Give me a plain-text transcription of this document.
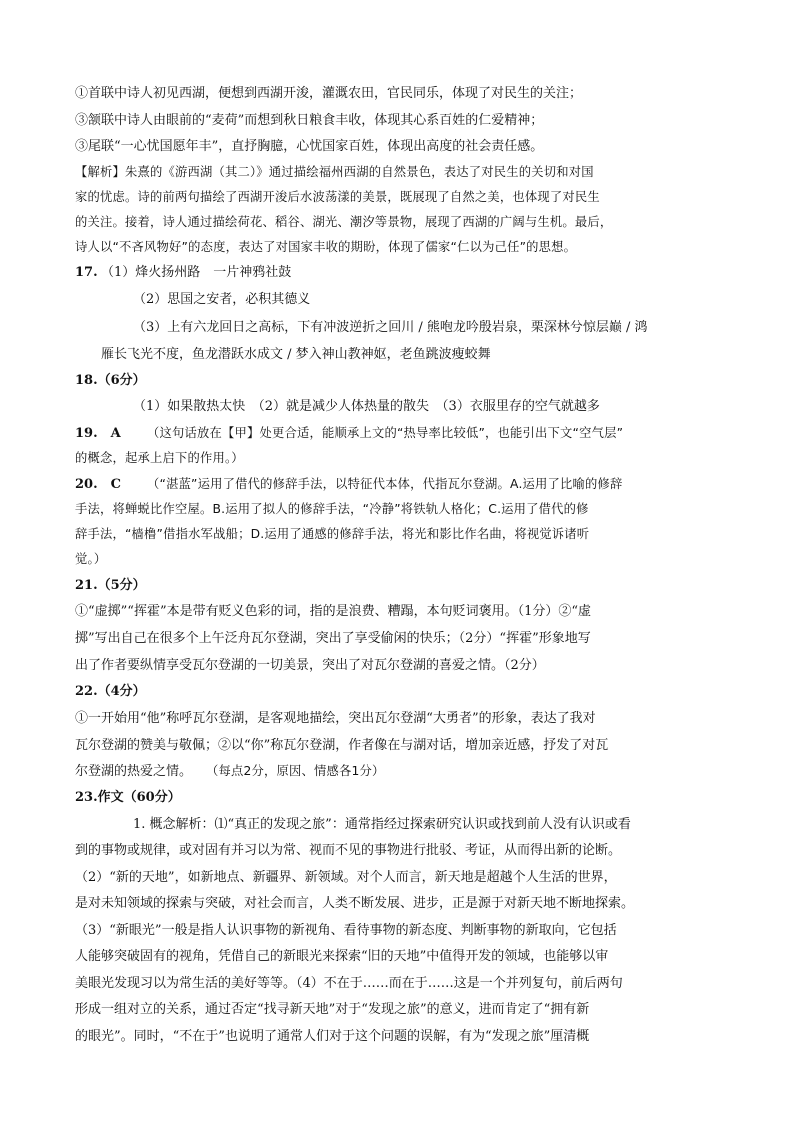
①首联中诗人初见西湖，便想到西湖开浚，灌溉农田，官民同乐，体现了对民生的关注；
③颔联中诗人由眼前的“麦荷”而想到秋日粮食丰收，体现其心系百姓的仁爱精神；
③尾联“一心忧国愿年丰”，直抒胸臆，心忧国家百姓，体现出高度的社会责任感。
【解析】朱熹的《游西湖（其二）》通过描绘福州西湖的自然景色，表达了对民生的关切和对国
家的忧虑。诗的前两句描绘了西湖开浚后水波荡漾的美景，既展现了自然之美，也体现了对民生
的关注。接着，诗人通过描绘荷花、稻谷、湖光、潮汐等景物，展现了西湖的广阔与生机。最后，
诗人以“不吝风物好”的态度，表达了对国家丰收的期盼，体现了儒家“仁以为己任”的思想。
17. （1）烽火扬州路　一片神鸦社鼓
（2）思国之安者，必积其德义
（3）上有六龙回日之高标，下有冲波逆折之回川 / 熊咆龙吟殷岩泉，栗深林兮惊层巅 / 鸿
雁长飞光不度，鱼龙潜跃水成文 / 梦入神山教神妪，老鱼跳波瘦蛟舞
18.（6分）
（1）如果散热太快　（2）就是减少人体热量的散失　（3）衣服里存的空气就越多
19.　A （这句话放在【甲】处更合适，能顺承上文的“热导率比较低”，也能引出下文“空气层”
的概念，起承上启下的作用。）
20.　C （“湛蓝”运用了借代的修辞手法，以特征代本体，代指瓦尔登湖。A.运用了比喻的修辞
手法，将蝉蜕比作空屋。B.运用了拟人的修辞手法，“冷静”将铁轨人格化；C.运用了借代的修
辞手法，“樯橹”借指水军战船；D.运用了通感的修辞手法，将光和影比作名曲，将视觉诉诸听
觉。）
21.（5分）
①“虚掷”“挥霍”本是带有贬义色彩的词，指的是浪费、糟蹋，本句贬词褒用。（1分）②“虚
掷”写出自己在很多个上午泛舟瓦尔登湖，突出了享受偷闲的快乐；（2分）“挥霍”形象地写
出了作者要纵情享受瓦尔登湖的一切美景，突出了对瓦尔登湖的喜爱之情。（2分）
22.（4分）
①一开始用“他”称呼瓦尔登湖，是客观地描绘，突出瓦尔登湖“大勇者”的形象，表达了我对
瓦尔登湖的赞美与敬佩；②以“你”称瓦尔登湖，作者像在与湖对话，增加亲近感，抒发了对瓦
尔登湖的热爱之情。 （每点2分，原因、情感各1分）
23.作文（60分）
1. 概念解析：⑴“真正的发现之旅”：通常指经过探索研究认识或找到前人没有认识或看
到的事物或规律，或对固有并习以为常、视而不见的事物进行批驳、考证，从而得出新的论断。
（2）“新的天地”，如新地点、新疆界、新领域。对个人而言，新天地是超越个人生活的世界，
是对未知领域的探索与突破，对社会而言，人类不断发展、进步，正是源于对新天地不断地探索。
（3）“新眼光”一般是指人认识事物的新视角、看待事物的新态度、判断事物的新取向，它包括
人能够突破固有的视角，凭借自己的新眼光来探索“旧的天地”中值得开发的领域，也能够以审
美眼光发现习以为常生活的美好等等。（4）不在于……而在于……这是一个并列复句，前后两句
形成一组对立的关系，通过否定“找寻新天地”对于“发现之旅”的意义，进而肯定了“拥有新
的眼光”。同时，“不在于”也说明了通常人们对于这个问题的误解，有为“发现之旅”厘清概
